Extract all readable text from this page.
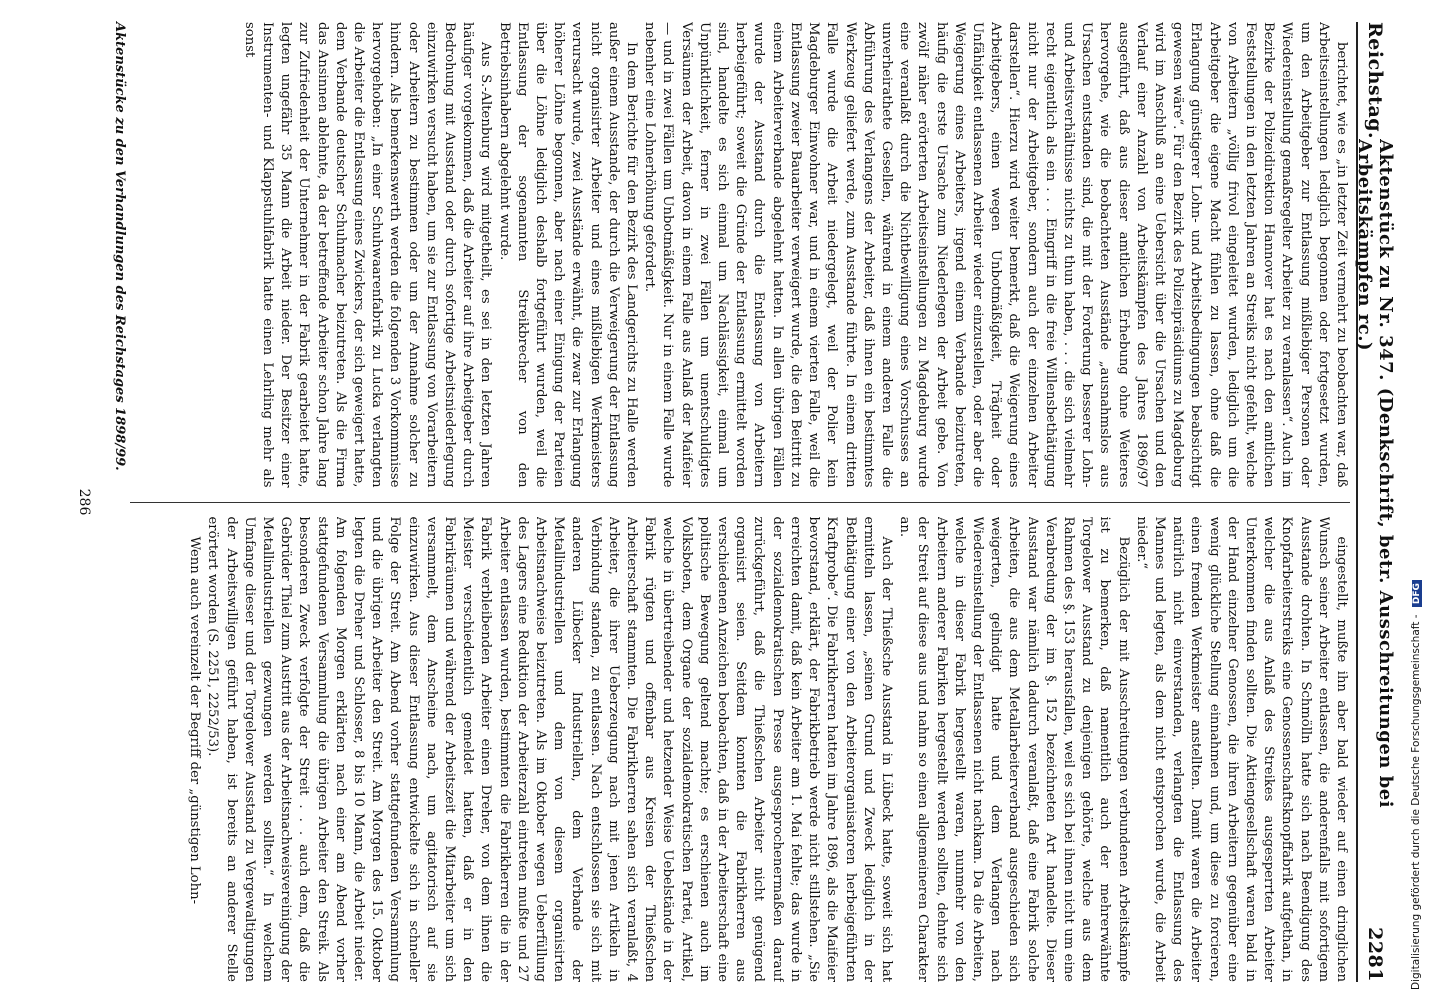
Reichstag.
Aktenstück zu Nr. 347. (Denkschrift, betr. Ausschreitungen bei Arbeitskämpfen rc.)
2281

berichtet, wie es „in letzter Zeit vermehrt zu beobachten war, daß Arbeitseinstellungen lediglich begonnen oder fortgesetzt wurden, um den Arbeitgeber zur Entlassung mißliebiger Personen oder Wiedereinstellung gemaßregelter Arbeiter zu veranlassen“. Auch im Bezirke der Polizeidirektion Hannover hat es nach den amtlichen Feststellungen in den letzten Jahren an Streiks nicht gefehlt, welche von Arbeitern „völlig frivol eingeleitet wurden, lediglich um die Arbeitgeber die eigene Macht fühlen zu lassen, ohne daß die Erlangung günstigerer Lohn- und Arbeitsbedingungen beabsichtigt gewesen wäre“. Für den Bezirk des Polizeipräsidiums zu Magdeburg wird im Anschluß an eine Uebersicht über die Ursachen und den Verlauf einer Anzahl von Arbeitskämpfen des Jahres 1896/97 ausgeführt, daß aus dieser amtlichen Erhebung ohne Weiteres hervorgehe, wie die beobachteten Ausstände „ausnahmslos aus Ursachen entstanden sind, die mit der Forderung besserer Lohn- und Arbeitsverhältnisse nichts zu thun haben, . . . die sich vielmehr recht eigentlich als ein . . . Eingriff in die freie Willensbethätigung nicht nur der Arbeitgeber, sondern auch der einzelnen Arbeiter darstellen“. Hierzu wird weiter bemerkt, daß die Weigerung eines Arbeitgebers, einen wegen Unbotmäßigkeit, Trägheit oder Unfähigkeit entlassenen Arbeiter wieder einzustellen, oder aber die Weigerung eines Arbeiters, irgend einem Verbande beizutreten, häufig die erste Ursache zum Niederlegen der Arbeit gebe. Von zwölf näher erörterten Arbeitseinstellungen zu Magdeburg wurde eine veranlaßt durch die Nichtbewilligung eines Vorschusses an unverheirathete Gesellen, während in einem anderen Falle die Abführung des Verlangens der Arbeiter, daß ihnen ein bestimmtes Werkzeug geliefert werde, zum Ausstande führte. In einem dritten Falle wurde die Arbeit niedergelegt, weil der Polier kein Magdeburger Einwohner war, und in einem vierten Falle, weil die Entlassung zweier Bauarbeiter verweigert wurde, die den Beitritt zu einem Arbeiterverbande abgelehnt hatten. In allen übrigen Fällen wurde der Ausstand durch die Entlassung von Arbeitern herbeigeführt; soweit die Gründe der Entlassung ermittelt worden sind, handelte es sich einmal um Nachlässigkeit, einmal um Unpünktlichkeit, ferner in zwei Fällen um unentschuldigtes Versäumen der Arbeit, davon in einem Falle aus Anlaß der Maifeier — und in zwei Fällen um Unbotmäßigkeit. Nur in einem Falle wurde nebenher eine Lohnerhöhung gefordert.

In dem Berichte für den Bezirk des Landgerichts zu Halle werden außer einem Ausstande, der durch die Verweigerung der Entlassung nicht organisirter Arbeiter und eines mißliebigen Werkmeisters verursacht wurde, zwei Ausstände erwähnt, die zwar zur Erlangung höherer Löhne begonnen, aber nach einer Einigung der Parteien über die Löhne lediglich deshalb fortgeführt wurden, weil die Entlassung der sogenannten Streikbrecher von den Betriebsinhabern abgelehnt wurde.

Aus S.-Altenburg wird mitgetheilt, es sei in den letzten Jahren häufiger vorgekommen, daß die Arbeiter auf ihre Arbeitgeber durch Bedrohung mit Ausstand oder durch sofortige Arbeitsniederlegung einzuwirken versucht haben, um sie zur Entlassung von Vorarbeitern oder Arbeitern zu bestimmen oder um der Annahme solcher zu hindern. Als bemerkenswerth werden die folgenden 3 Vorkommnisse hervorgehoben: „In einer Schuhwaarenfabrik zu Lucka verlangten die Arbeiter die Entlassung eines Zwickers, der sich geweigert hatte, dem Verbande deutscher Schuhmacher beizutreten. Als die Firma das Ansinnen ablehnte, da der betreffende Arbeiter schon Jahre lang zur Zufriedenheit der Unternehmer in der Fabrik gearbeitet hatte, legten ungefähr 35 Mann die Arbeit nieder. Der Besitzer einer Instrumenten- und Klappstuhlfabrik hatte einen Lehrling mehr als sonst

eingestellt, mußte ihn aber bald wieder auf einen dringlichen Wunsch seiner Arbeiter entlassen, die anderenfalls mit sofortigem Ausstande drohten. In Schmölln hatte sich nach Beendigung des Knopfarbeiterstreiks eine Genossenschaftsknopffabrik aufgethan, in welcher die aus Anlaß des Streikes ausgesperrten Arbeiter Unterkommen finden sollten. Die Aktiengesellschaft waren bald in der Hand einzelner Genossen, die ihren Arbeitern gegenüber eine wenig glückliche Stellung einnahmen und, um diese zu forcieren, einen fremden Werkmeister anstellten. Damit waren die Arbeiter natürlich nicht einverstanden, verlangten die Entlassung des Mannes und legten, als dem nicht entsprochen wurde, die Arbeit nieder.“

Bezüglich der mit Ausschreitungen verbundenen Arbeitskämpfe ist zu bemerken, daß namentlich auch der mehrerwähnte Torgelower Ausstand zu denjenigen gehörte, welche aus dem Rahmen des §. 153 herausfallen, weil es sich bei ihnen nicht um eine Verabredung der im §. 152 bezeichneten Art handelte. Dieser Ausstand war nämlich dadurch veranlaßt, daß eine Fabrik solche Arbeiten, die aus dem Metallarbeiterverband ausgeschieden sich weigerten, gelindigt hatte und dem Verlangen nach Wiedereinstellung der Entlassenen nicht nachkam. Da die Arbeiten, welche in dieser Fabrik hergestellt waren, nunmehr von den Arbeitern anderer Fabriken hergestellt werden sollten, dehnte sich der Streit auf diese aus und nahm so einen allgemeineren Charakter an.

Auch der Thießsche Ausstand in Lübeck hatte, soweit sich hat ermitteln lassen, „seinen Grund und Zweck lediglich in der Bethätigung einer von den Arbeiterorganisatoren herbeigeführten Kraftprobe“. Die Fabrikherren hatten im Jahre 1896, als die Maifeier bevorstand, erklärt, der Fabrikbetrieb werde nicht stillstehen. „Sie erreichten damit, daß kein Arbeiter am 1. Mai fehlte; das wurde in der sozialdemokratischen Presse ausgesprochenermaßen darauf zurückgeführt, daß die Thießschen Arbeiter nicht genügend organisirt seien. Seitdem konnten die Fabrikherren aus verschiedenen Anzeichen beobachten, daß in der Arbeiterschaft eine politische Bewegung geltend machte; es erschienen auch im Volksboten, dem Organe der sozialdemokratischen Partei, Artikel, welche in übertreibender und hetzender Weise Uebelstände in der Fabrik rügten und offenbar aus Kreisen der Thießschen Arbeiterschaft stammten. Die Fabrikherren sahen sich veranlaßt, 4 Arbeiter, die ihrer Ueberzeugung nach mit jenen Artikeln in Verbindung standen, zu entlassen. Nach entschlossen sie sich mit anderen Lübecker Industriellen, dem Verbande der Metallindustriellen und dem von diesem organisirten Arbeitsnachweise beizutreten. Als im Oktober wegen Ueberfüllung des Lagers eine Reduktion der Arbeiterzahl eintreten mußte und 27 Arbeiter entlassen wurden, bestimmten die Fabrikherren die in der Fabrik verbleibenden Arbeiter einen Dreher, von dem ihnen die Meister verschiedentlich gemeldet hatten, daß er in den Fabrikräumen und während der Arbeitszeit die Mitarbeiter um sich versammelt, dem Anscheine nach, um agitatorisch auf sie einzuwirken. Aus dieser Entlassung entwickelte sich in schneller Folge der Streit. Am Abend vorher stattgefundenen Versammlung und die übrigen Arbeiter den Streit. Am Morgen des 15. Oktober legten die Dreher und Schlosser, 8 bis 10 Mann, die Arbeit nieder. Am folgenden Morgen erklärten nach einer am Abend vorher stattgefundenen Versammlung die übrigen Arbeiter den Streik. Als besonderen Zweck verfolgte der Streit . . . auch dem, daß die Gebrüder Thiel zum Austritt aus der Arbeitsnachweisvereinigung der Metallindustriellen gezwungen werden sollten.“ In welchem Umfange dieser und der Torgelower Ausstand zu Vergewaltigungen der Arbeitswilligen geführt haben, ist bereits an anderer Stelle erörtert worden (S. 2251, 2252/53).

Wenn auch vereinzelt der Begriff der „günstigen Lohn-

Aktenstücke zu den Verhandlungen des Reichstages 1898/99.
286
Digitalisierung gefördert durch die Deutsche Forschungsgemeinschaft - DFG
